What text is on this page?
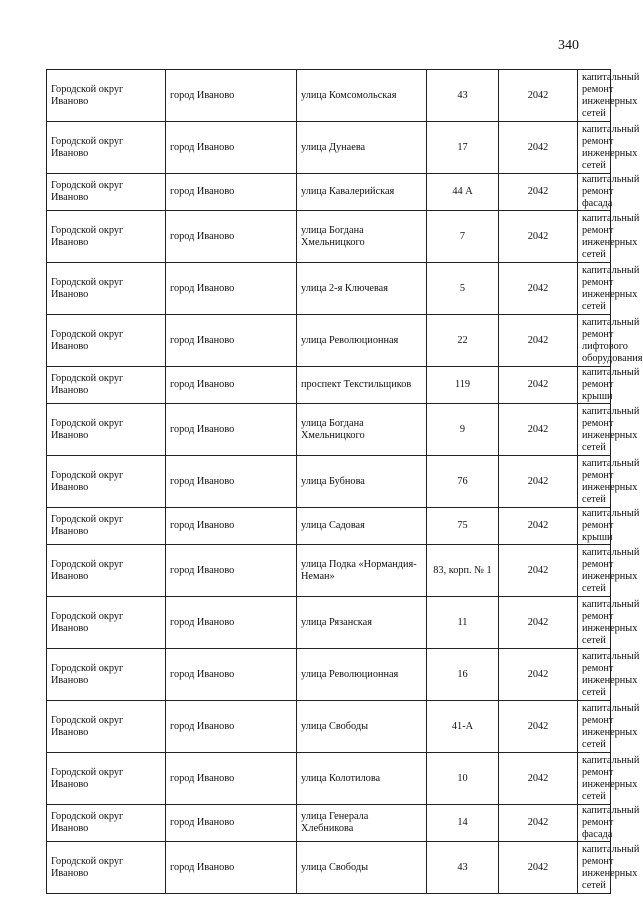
340
Городской округ Иваново	город Иваново	улица Комсомольская	43	2042	капитальный ремонт инженерных сетей
Городской округ Иваново	город Иваново	улица Дунаева	17	2042	капитальный ремонт инженерных сетей
Городской округ Иваново	город Иваново	улица Кавалерийская	44 А	2042	капитальный ремонт фасада
Городской округ Иваново	город Иваново	улица Богдана Хмельницкого	7	2042	капитальный ремонт инженерных сетей
Городской округ Иваново	город Иваново	улица 2-я Ключевая	5	2042	капитальный ремонт инженерных сетей
Городской округ Иваново	город Иваново	улица Революционная	22	2042	капитальный ремонт лифтового оборудования
Городской округ Иваново	город Иваново	проспект Текстильщиков	119	2042	капитальный ремонт крыши
Городской округ Иваново	город Иваново	улица Богдана Хмельницкого	9	2042	капитальный ремонт инженерных сетей
Городской округ Иваново	город Иваново	улица Бубнова	76	2042	капитальный ремонт инженерных сетей
Городской округ Иваново	город Иваново	улица Садовая	75	2042	капитальный ремонт крыши
Городской округ Иваново	город Иваново	улица Подка «Нормандия-Неман»	83, корп. № 1	2042	капитальный ремонт инженерных сетей
Городской округ Иваново	город Иваново	улица Рязанская	11	2042	капитальный ремонт инженерных сетей
Городской округ Иваново	город Иваново	улица Революционная	16	2042	капитальный ремонт инженерных сетей
Городской округ Иваново	город Иваново	улица Свободы	41-А	2042	капитальный ремонт инженерных сетей
Городской округ Иваново	город Иваново	улица Колотилова	10	2042	капитальный ремонт инженерных сетей
Городской округ Иваново	город Иваново	улица Генерала Хлебникова	14	2042	капитальный ремонт фасада
Городской округ Иваново	город Иваново	улица Свободы	43	2042	капитальный ремонт инженерных сетей
